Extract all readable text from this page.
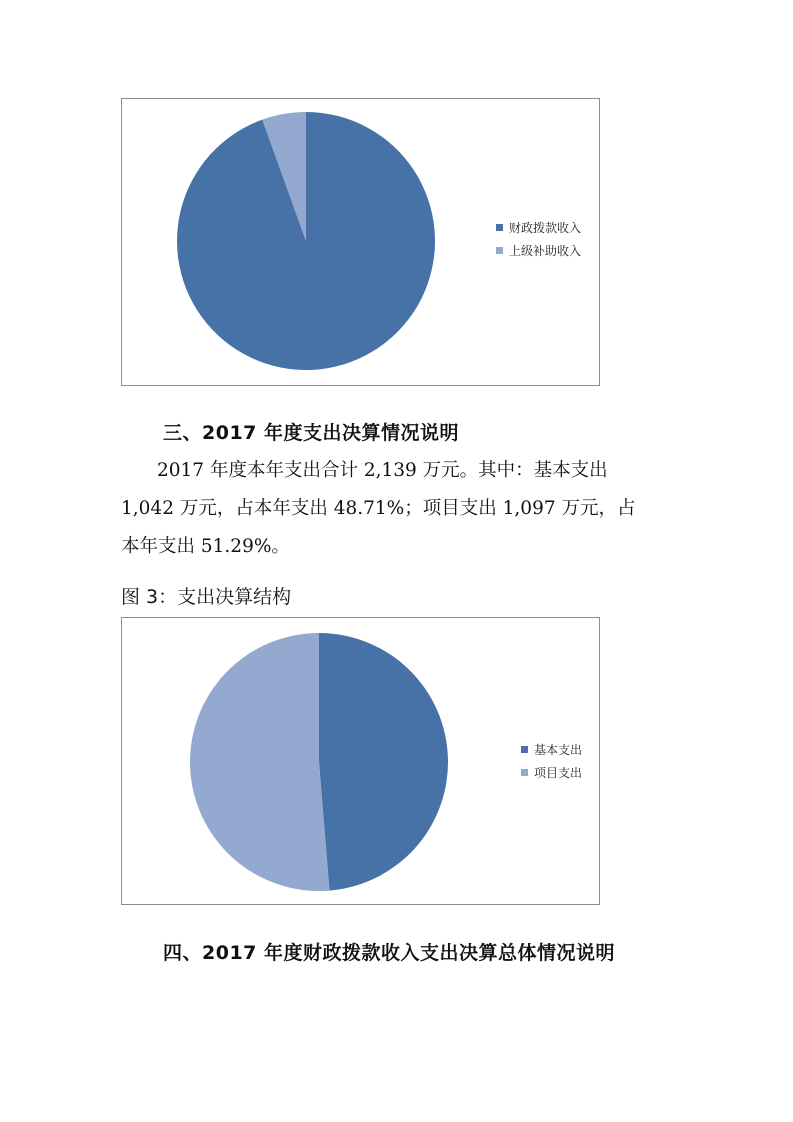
财政拨款收入
上级补助收入
三、2017 年度支出决算情况说明
2017 年度本年支出合计 2,139 万元。其中：基本支出
1,042 万元，占本年支出 48.71%；项目支出 1,097 万元，占
本年支出 51.29%。
图 3：支出决算结构
基本支出
项目支出
四、2017 年度财政拨款收入支出决算总体情况说明
